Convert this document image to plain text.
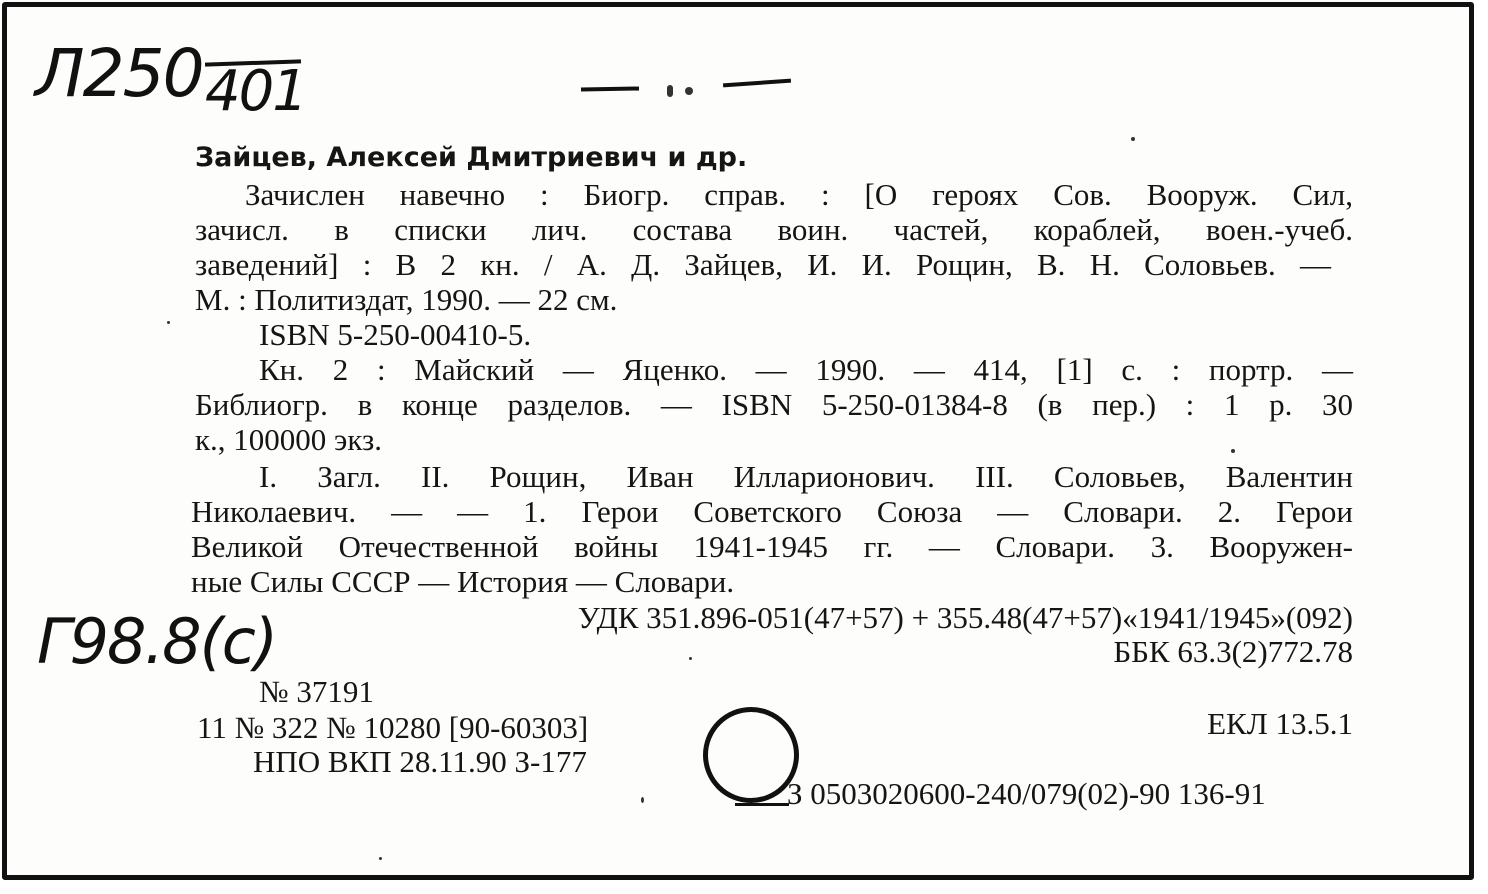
Л250 401
Зайцев, Алексей Дмитриевич и др.
Зачислен навечно : Биогр. справ. : [О героях Сов. Вооруж. Сил,
зачисл. в списки лич. состава воин. частей, кораблей, воен.-учеб.
заведений] : В 2 кн. / А. Д. Зайцев, И. И. Рощин, В. Н. Соловьев. —
М. : Политиздат, 1990. — 22 см.
ISBN 5-250-00410-5.
Кн. 2 : Майский — Яценко. — 1990. — 414, [1] с. : портр. —
Библиогр. в конце разделов. — ISBN 5-250-01384-8 (в пер.) : 1 р. 30
к., 100000 экз.
I. Загл. II. Рощин, Иван Илларионович. III. Соловьев, Валентин
Николаевич. — — 1. Герои Советского Союза — Словари. 2. Герои
Великой Отечественной войны 1941-1945 гг. — Словари. 3. Вооружен-
ные Силы СССР — История — Словари.
УДК 351.896-051(47+57) + 355.48(47+57)«1941/1945»(092)
ББК 63.3(2)772.78
Г98.8(с)
№ 37191
11 № 322 № 10280 [90-60303]
НПО ВКП 28.11.90 З-177
ЕКЛ 13.5.1
З 0503020600-240/079(02)-90 136-91
